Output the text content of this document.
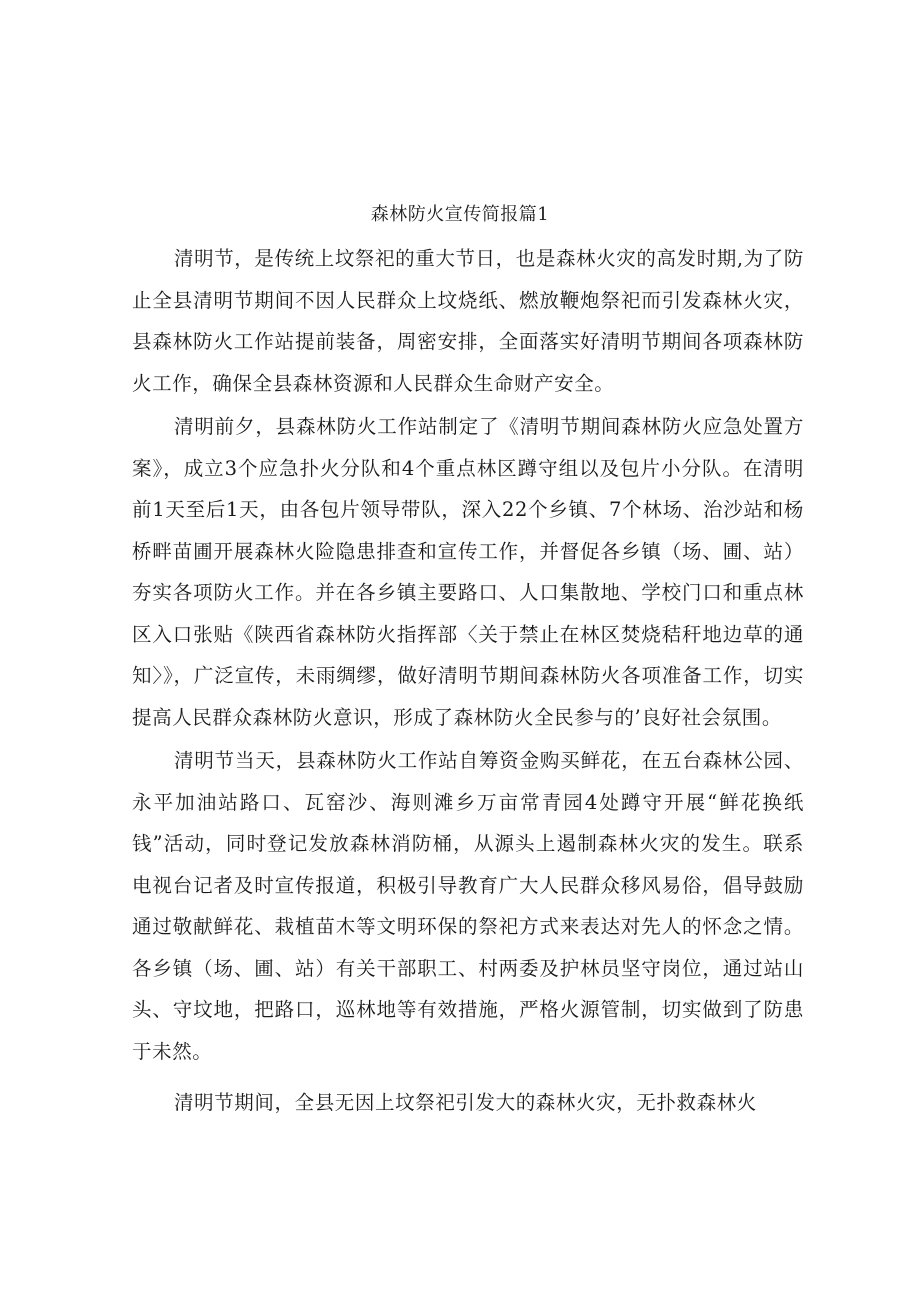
森林防火宣传简报篇1

清明节，是传统上坟祭祀的重大节日，也是森林火灾的高发时期,为了防止全县清明节期间不因人民群众上坟烧纸、燃放鞭炮祭祀而引发森林火灾，县森林防火工作站提前装备，周密安排，全面落实好清明节期间各项森林防火工作，确保全县森林资源和人民群众生命财产安全。

清明前夕，县森林防火工作站制定了《清明节期间森林防火应急处置方案》，成立3个应急扑火分队和4个重点林区蹲守组以及包片小分队。在清明前1天至后1天，由各包片领导带队，深入22个乡镇、7个林场、治沙站和杨桥畔苗圃开展森林火险隐患排查和宣传工作，并督促各乡镇（场、圃、站）夯实各项防火工作。并在各乡镇主要路口、人口集散地、学校门口和重点林区入口张贴《陕西省森林防火指挥部〈关于禁止在林区焚烧秸秆地边草的通知〉》，广泛宣传，未雨绸缪，做好清明节期间森林防火各项准备工作，切实提高人民群众森林防火意识，形成了森林防火全民参与的’良好社会氛围。

清明节当天，县森林防火工作站自筹资金购买鲜花，在五台森林公园、永平加油站路口、瓦窑沙、海则滩乡万亩常青园4处蹲守开展“鲜花换纸钱”活动，同时登记发放森林消防桶，从源头上遏制森林火灾的发生。联系电视台记者及时宣传报道，积极引导教育广大人民群众移风易俗，倡导鼓励通过敬献鲜花、栽植苗木等文明环保的祭祀方式来表达对先人的怀念之情。各乡镇（场、圃、站）有关干部职工、村两委及护林员坚守岗位，通过站山头、守坟地，把路口，巡林地等有效措施，严格火源管制，切实做到了防患于未然。

清明节期间，全县无因上坟祭祀引发大的森林火灾，无扑救森林火
